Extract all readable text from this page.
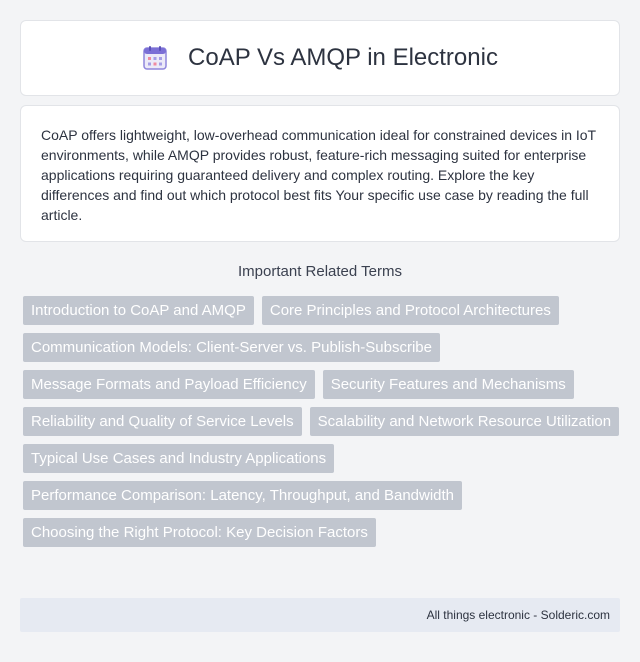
CoAP Vs AMQP in Electronic

CoAP offers lightweight, low-overhead communication ideal for constrained devices in IoT environments, while AMQP provides robust, feature-rich messaging suited for enterprise applications requiring guaranteed delivery and complex routing. Explore the key differences and find out which protocol best fits Your specific use case by reading the full article.

Important Related Terms
Introduction to CoAP and AMQP	Core Principles and Protocol Architectures
Communication Models: Client-Server vs. Publish-Subscribe
Message Formats and Payload Efficiency	Security Features and Mechanisms
Reliability and Quality of Service Levels	Scalability and Network Resource Utilization
Typical Use Cases and Industry Applications
Performance Comparison: Latency, Throughput, and Bandwidth
Choosing the Right Protocol: Key Decision Factors
All things electronic - Solderic.com
